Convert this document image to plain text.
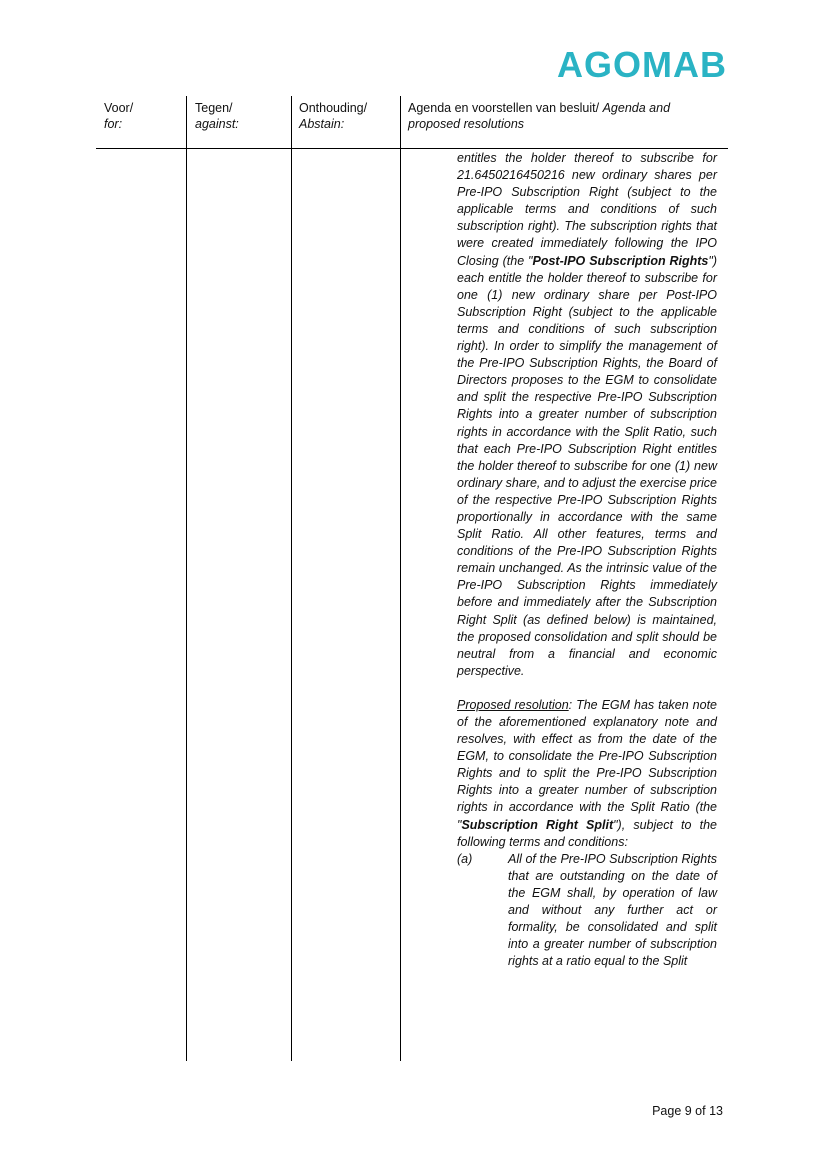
AGOMAB
Voor/
for:
Tegen/
against:
Onthouding/
Abstain:
Agenda en voorstellen van besluit/ Agenda and
proposed resolutions

entitles the holder thereof to subscribe for 21.6450216450216 new ordinary shares per Pre-IPO Subscription Right (subject to the applicable terms and conditions of such subscription right). The subscription rights that were created immediately following the IPO Closing (the "Post-IPO Subscription Rights") each entitle the holder thereof to subscribe for one (1) new ordinary share per Post-IPO Subscription Right (subject to the applicable terms and conditions of such subscription right). In order to simplify the management of the Pre-IPO Subscription Rights, the Board of Directors proposes to the EGM to consolidate and split the respective Pre-IPO Subscription Rights into a greater number of subscription rights in accordance with the Split Ratio, such that each Pre-IPO Subscription Right entitles the holder thereof to subscribe for one (1) new ordinary share, and to adjust the exercise price of the respective Pre-IPO Subscription Rights proportionally in accordance with the same Split Ratio. All other features, terms and conditions of the Pre-IPO Subscription Rights remain unchanged. As the intrinsic value of the Pre-IPO Subscription Rights immediately before and immediately after the Subscription Right Split (as defined below) is maintained, the proposed consolidation and split should be neutral from a financial and economic perspective.

Proposed resolution: The EGM has taken note of the aforementioned explanatory note and resolves, with effect as from the date of the EGM, to consolidate the Pre-IPO Subscription Rights and to split the Pre-IPO Subscription Rights into a greater number of subscription rights in accordance with the Split Ratio (the "Subscription Right Split"), subject to the following terms and conditions:

(a)	All of the Pre-IPO Subscription Rights that are outstanding on the date of the EGM shall, by operation of law and without any further act or formality, be consolidated and split into a greater number of subscription rights at a ratio equal to the Split
Page 9 of 13
